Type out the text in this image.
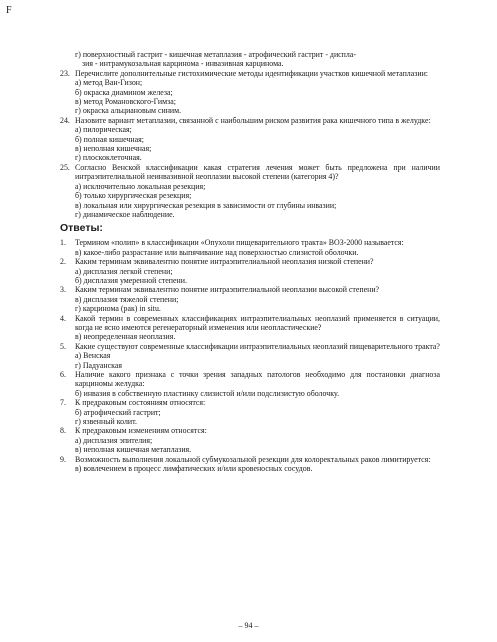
F
г) поверхностный гастрит - кишечная метаплазия - атрофический гастрит - диспла-
зия - интрамукозальная карцинома - инвазивная карцинома.
23. Перечислите дополнительные гистохимические методы идентификации участков кишечной метаплазии:
а) метод Ван-Гизон;
б) окраска диамином железа;
в) метод Романовского-Гимза;
г) окраска альциановым синим.
24. Назовите вариант метаплазии, связанной с наибольшим риском развития рака кишечного типа в желудке:
а) пилорическая;
б) полная кишечная;
в) неполная кишечная;
г) плоскоклеточная.
25. Согласно Венской классификации какая стратегия лечения может быть предложена при наличии интраэпителиальной неинвазивной неоплазии высокой степени (категория 4)?
а) исключительно локальная резекция;
б) только хирургическая резекция;
в) локальная или хирургическая резекция в зависимости от глубины инвазии;
г) динамическое наблюдение.
Ответы:
1.	Термином «полип» в классификации «Опухоли пищеварительного тракта» ВОЗ-2000 называется:
в) какое-либо разрастание или выпячивание над поверхностью слизистой оболочки.
2.	Каким терминам эквивалентно понятие интраэпителиальной неоплазия низкой степени?
а) дисплазия легкой степени;
б) дисплазия умеренной степени.
3.	Каким терминам эквивалентно понятие интраэпителиальной неоплазии высокой степени?
в) дисплазия тяжелой степени;
г) карцинома (рак) in situ.
4.	Какой термин в современных классификациях интраэпителиальных неоплазий применяется в ситуации, когда не ясно имеются регенераторный изменения или неопластические?
в) неопределенная неоплазия.
5.	Какие существуют современные классификации интраэпителиальных неоплазий пищеварительного тракта?
а) Венская
г) Падуанская
6.	Наличие какого признака с точки зрения западных патологов необходимо для постановки диагноза карциномы желудка:
б) инвазия в собственную пластинку слизистой и/или подслизистую оболочку.
7.	К предраковым состояниям относятся:
б) атрофический гастрит;
г) язвенный колит.
8.	К предраковым изменениям относятся:
а) дисплазия эпителия;
в) неполная кишечная метаплазия.
9.	Возможность выполнения локальной субмукозальной резекции для колоректальных раков лимитируется:
в) вовлечением в процесс лимфатических и/или кровеносных сосудов.
– 94 –
